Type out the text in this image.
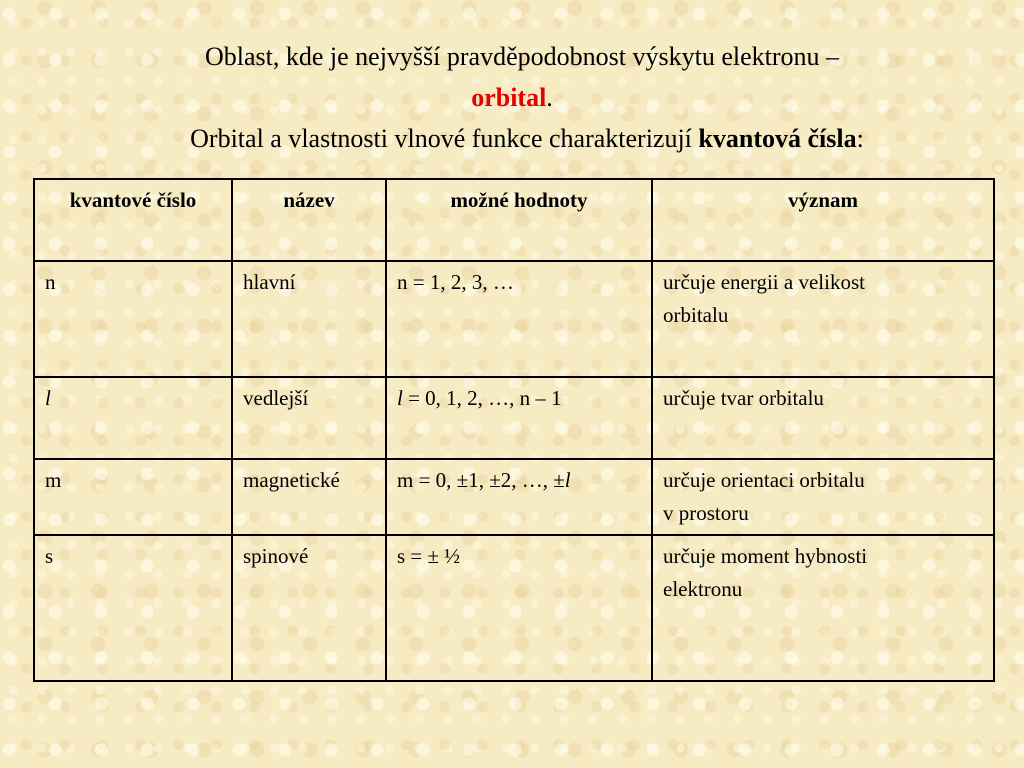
Oblast, kde je nejvyšší pravděpodobnost výskytu elektronu –
orbital.
Orbital a vlastnosti vlnové funkce charakterizují kvantová čísla:
kvantové číslo	název	možné hodnoty	význam
n	hlavní	n = 1, 2, 3, …	určuje energii a velikost
orbitalu
l	vedlejší	l = 0, 1, 2, …, n – 1	určuje tvar orbitalu
m	magnetické	m = 0, ±1, ±2, …, ±l	určuje orientaci orbitalu
v prostoru
s	spinové	s = ± ½	určuje moment hybnosti
elektronu
